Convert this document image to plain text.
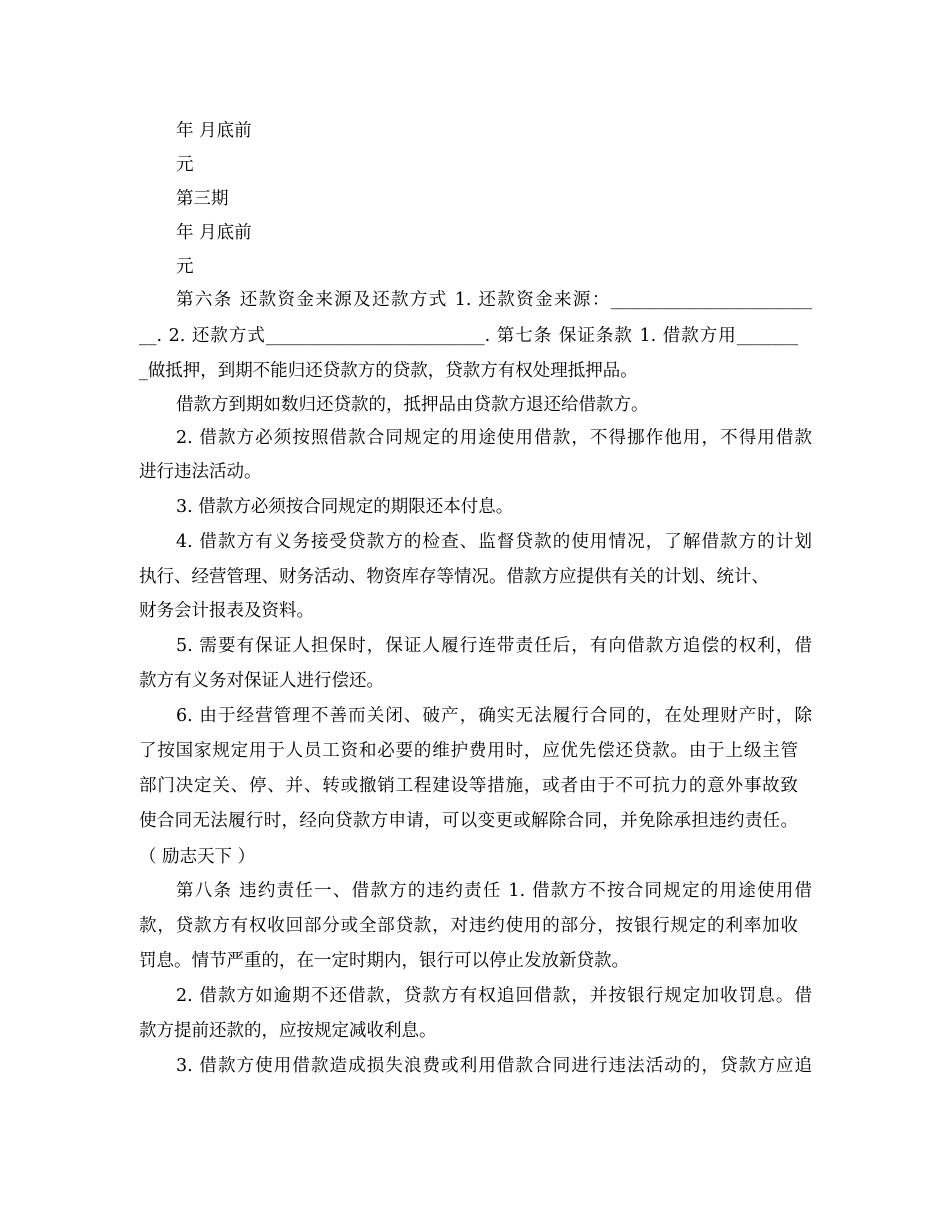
年 月底前
元
第三期
年 月底前
元
第六条 还款资金来源及还款方式 1. 还款资金来源：_______________________
__. 2. 还款方式_________________________. 第七条 保证条款 1. 借款方用_______
_做抵押，到期不能归还贷款方的贷款，贷款方有权处理抵押品。
借款方到期如数归还贷款的，抵押品由贷款方退还给借款方。
2. 借款方必须按照借款合同规定的用途使用借款，不得挪作他用，不得用借款
进行违法活动。
3. 借款方必须按合同规定的期限还本付息。
4. 借款方有义务接受贷款方的检查、监督贷款的使用情况，了解借款方的计划
执行、经营管理、财务活动、物资库存等情况。借款方应提供有关的计划、统计、
财务会计报表及资料。
5. 需要有保证人担保时，保证人履行连带责任后，有向借款方追偿的权利，借
款方有义务对保证人进行偿还。
6. 由于经营管理不善而关闭、破产，确实无法履行合同的，在处理财产时，除
了按国家规定用于人员工资和必要的维护费用时，应优先偿还贷款。由于上级主管
部门决定关、停、并、转或撤销工程建设等措施，或者由于不可抗力的意外事故致
使合同无法履行时，经向贷款方申请，可以变更或解除合同，并免除承担违约责任。
（ 励志天下 ）
第八条 违约责任一、借款方的违约责任 1. 借款方不按合同规定的用途使用借
款，贷款方有权收回部分或全部贷款，对违约使用的部分，按银行规定的利率加收
罚息。情节严重的，在一定时期内，银行可以停止发放新贷款。
2. 借款方如逾期不还借款，贷款方有权追回借款，并按银行规定加收罚息。借
款方提前还款的，应按规定减收利息。
3. 借款方使用借款造成损失浪费或利用借款合同进行违法活动的，贷款方应追
